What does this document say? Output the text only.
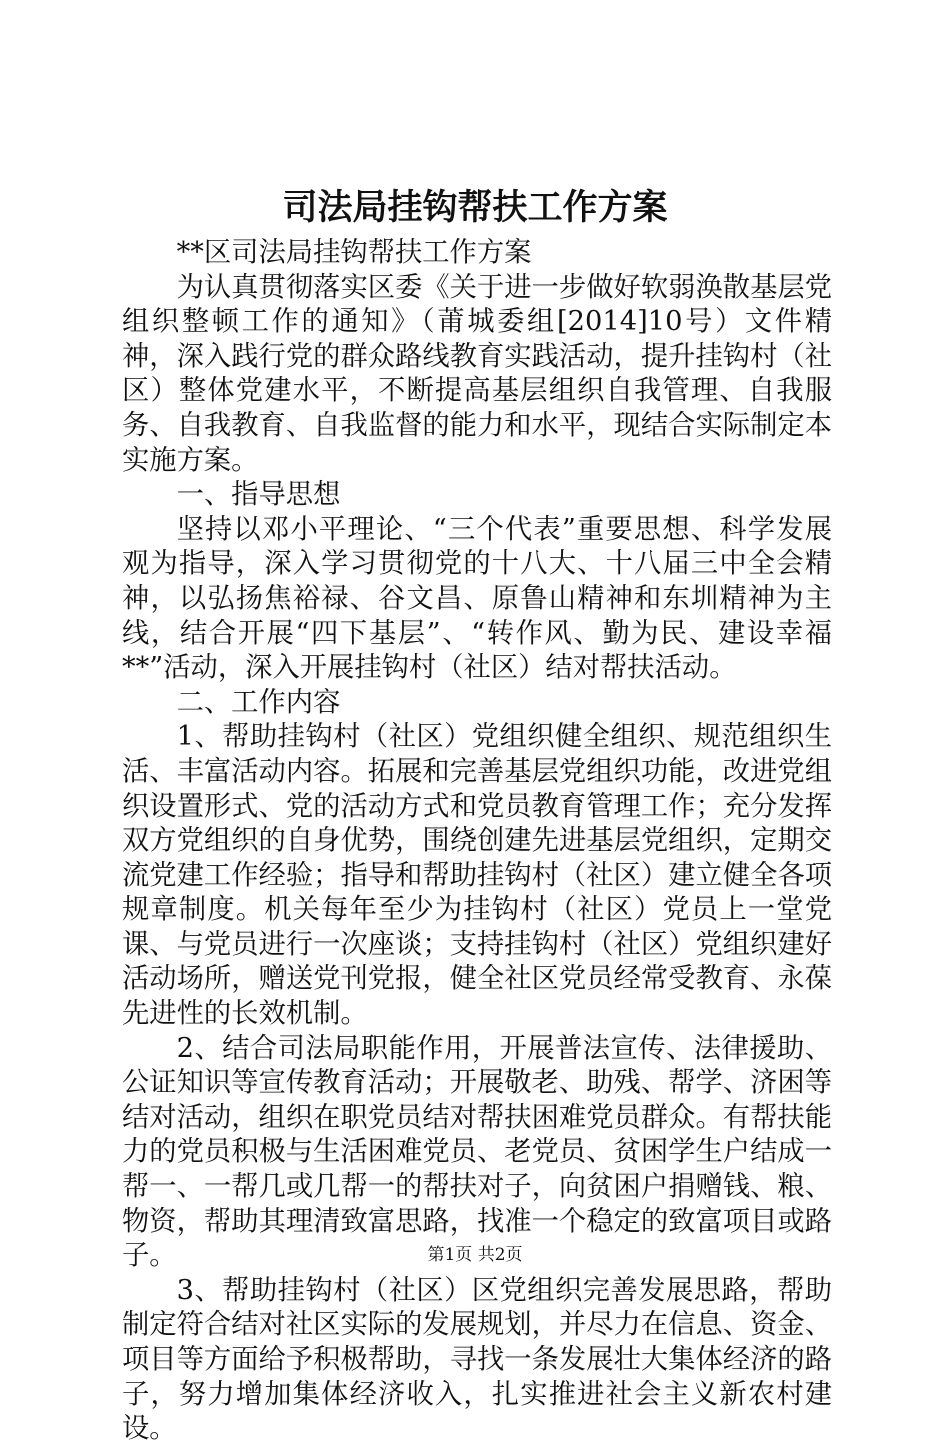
司法局挂钩帮扶工作方案

**区司法局挂钩帮扶工作方案

为认真贯彻落实区委《关于进一步做好软弱涣散基层党组织整顿工作的通知》（莆城委组[2014]10号）文件精神，深入践行党的群众路线教育实践活动，提升挂钩村（社区）整体党建水平，不断提高基层组织自我管理、自我服务、自我教育、自我监督的能力和水平，现结合实际制定本实施方案。

一、指导思想

坚持以邓小平理论、“三个代表”重要思想、科学发展观为指导，深入学习贯彻党的十八大、十八届三中全会精神，以弘扬焦裕禄、谷文昌、原鲁山精神和东圳精神为主线，结合开展“四下基层”、“转作风、勤为民、建设幸福**”活动，深入开展挂钩村（社区）结对帮扶活动。

二、工作内容

1、帮助挂钩村（社区）党组织健全组织、规范组织生活、丰富活动内容。拓展和完善基层党组织功能，改进党组织设置形式、党的活动方式和党员教育管理工作；充分发挥双方党组织的自身优势，围绕创建先进基层党组织，定期交流党建工作经验；指导和帮助挂钩村（社区）建立健全各项规章制度。机关每年至少为挂钩村（社区）党员上一堂党课、与党员进行一次座谈；支持挂钩村（社区）党组织建好活动场所，赠送党刊党报，健全社区党员经常受教育、永葆先进性的长效机制。

2、结合司法局职能作用，开展普法宣传、法律援助、公证知识等宣传教育活动；开展敬老、助残、帮学、济困等结对活动，组织在职党员结对帮扶困难党员群众。有帮扶能力的党员积极与生活困难党员、老党员、贫困学生户结成一帮一、一帮几或几帮一的帮扶对子，向贫困户捐赠钱、粮、物资，帮助其理清致富思路，找准一个稳定的致富项目或路子。

3、帮助挂钩村（社区）区党组织完善发展思路，帮助制定符合结对社区实际的发展规划，并尽力在信息、资金、项目等方面给予积极帮助，寻找一条发展壮大集体经济的路子，努力增加集体经济收入，扎实推进社会主义新农村建设。

第1页 共2页
